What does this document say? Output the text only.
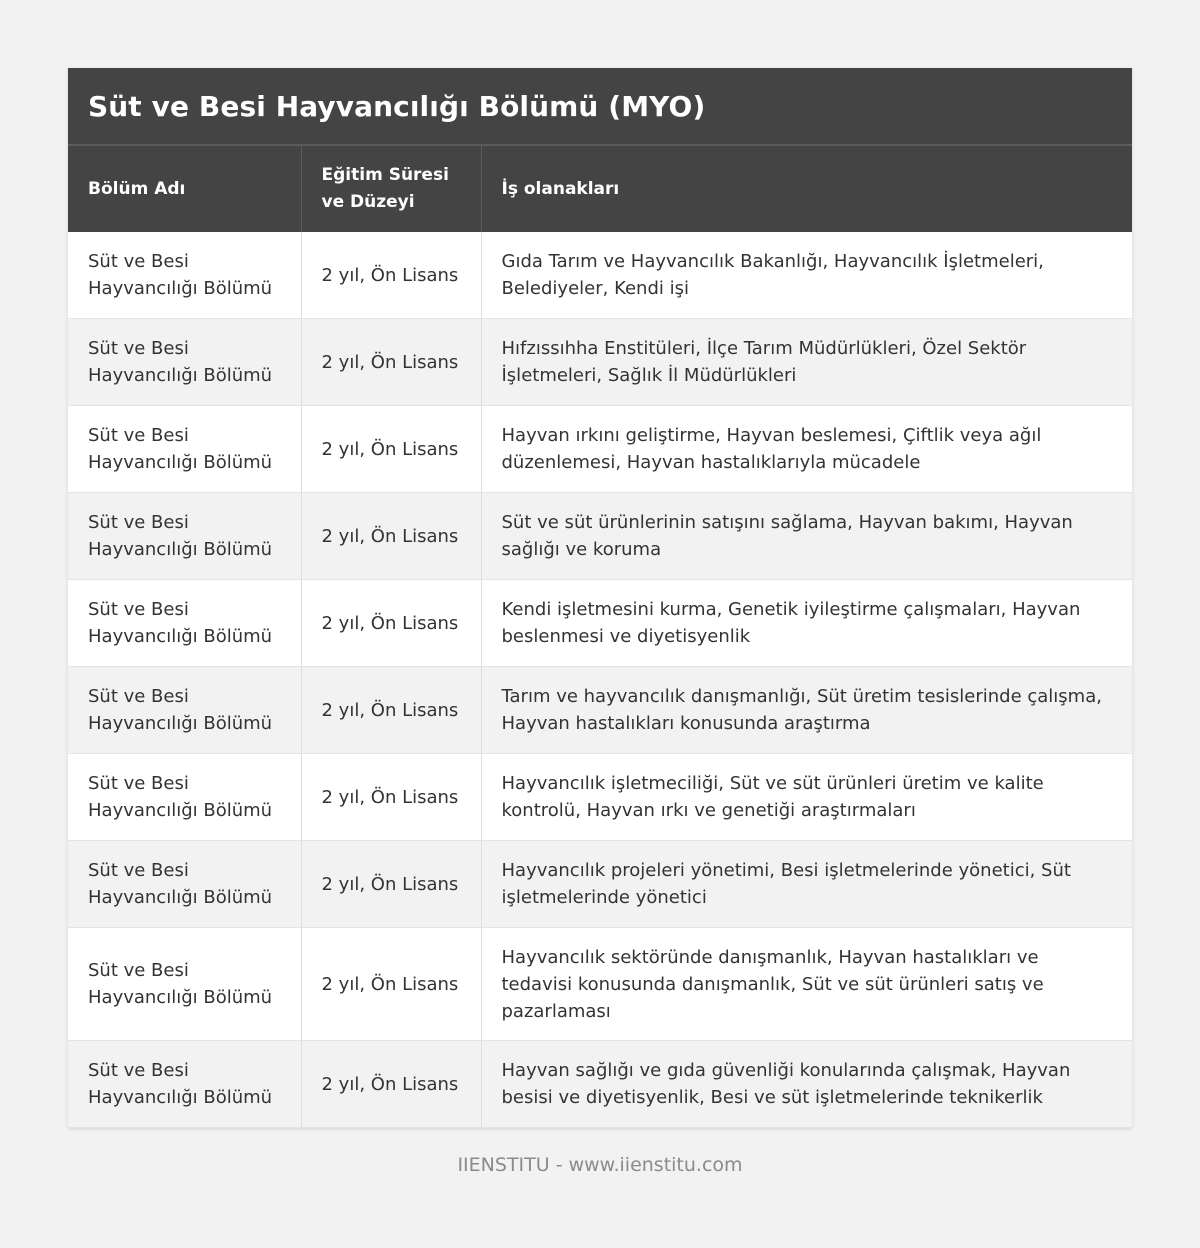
Süt ve Besi Hayvancılığı Bölümü (MYO)
Bölüm Adı	Eğitim Süresi ve Düzeyi	İş olanakları
Süt ve Besi Hayvancılığı Bölümü	2 yıl, Ön Lisans	Gıda Tarım ve Hayvancılık Bakanlığı, Hayvancılık İşletmeleri, Belediyeler, Kendi işi
Süt ve Besi Hayvancılığı Bölümü	2 yıl, Ön Lisans	Hıfzıssıhha Enstitüleri, İlçe Tarım Müdürlükleri, Özel Sektör İşletmeleri, Sağlık İl Müdürlükleri
Süt ve Besi Hayvancılığı Bölümü	2 yıl, Ön Lisans	Hayvan ırkını geliştirme, Hayvan beslemesi, Çiftlik veya ağıl düzenlemesi, Hayvan hastalıklarıyla mücadele
Süt ve Besi Hayvancılığı Bölümü	2 yıl, Ön Lisans	Süt ve süt ürünlerinin satışını sağlama, Hayvan bakımı, Hayvan sağlığı ve koruma
Süt ve Besi Hayvancılığı Bölümü	2 yıl, Ön Lisans	Kendi işletmesini kurma, Genetik iyileştirme çalışmaları, Hayvan beslenmesi ve diyetisyenlik
Süt ve Besi Hayvancılığı Bölümü	2 yıl, Ön Lisans	Tarım ve hayvancılık danışmanlığı, Süt üretim tesislerinde çalışma, Hayvan hastalıkları konusunda araştırma
Süt ve Besi Hayvancılığı Bölümü	2 yıl, Ön Lisans	Hayvancılık işletmeciliği, Süt ve süt ürünleri üretim ve kalite kontrolü, Hayvan ırkı ve genetiği araştırmaları
Süt ve Besi Hayvancılığı Bölümü	2 yıl, Ön Lisans	Hayvancılık projeleri yönetimi, Besi işletmelerinde yönetici, Süt işletmelerinde yönetici
Süt ve Besi Hayvancılığı Bölümü	2 yıl, Ön Lisans	Hayvancılık sektöründe danışmanlık, Hayvan hastalıkları ve tedavisi konusunda danışmanlık, Süt ve süt ürünleri satış ve pazarlaması
Süt ve Besi Hayvancılığı Bölümü	2 yıl, Ön Lisans	Hayvan sağlığı ve gıda güvenliği konularında çalışmak, Hayvan besisi ve diyetisyenlik, Besi ve süt işletmelerinde teknikerlik
IIENSTITU - www.iienstitu.com
